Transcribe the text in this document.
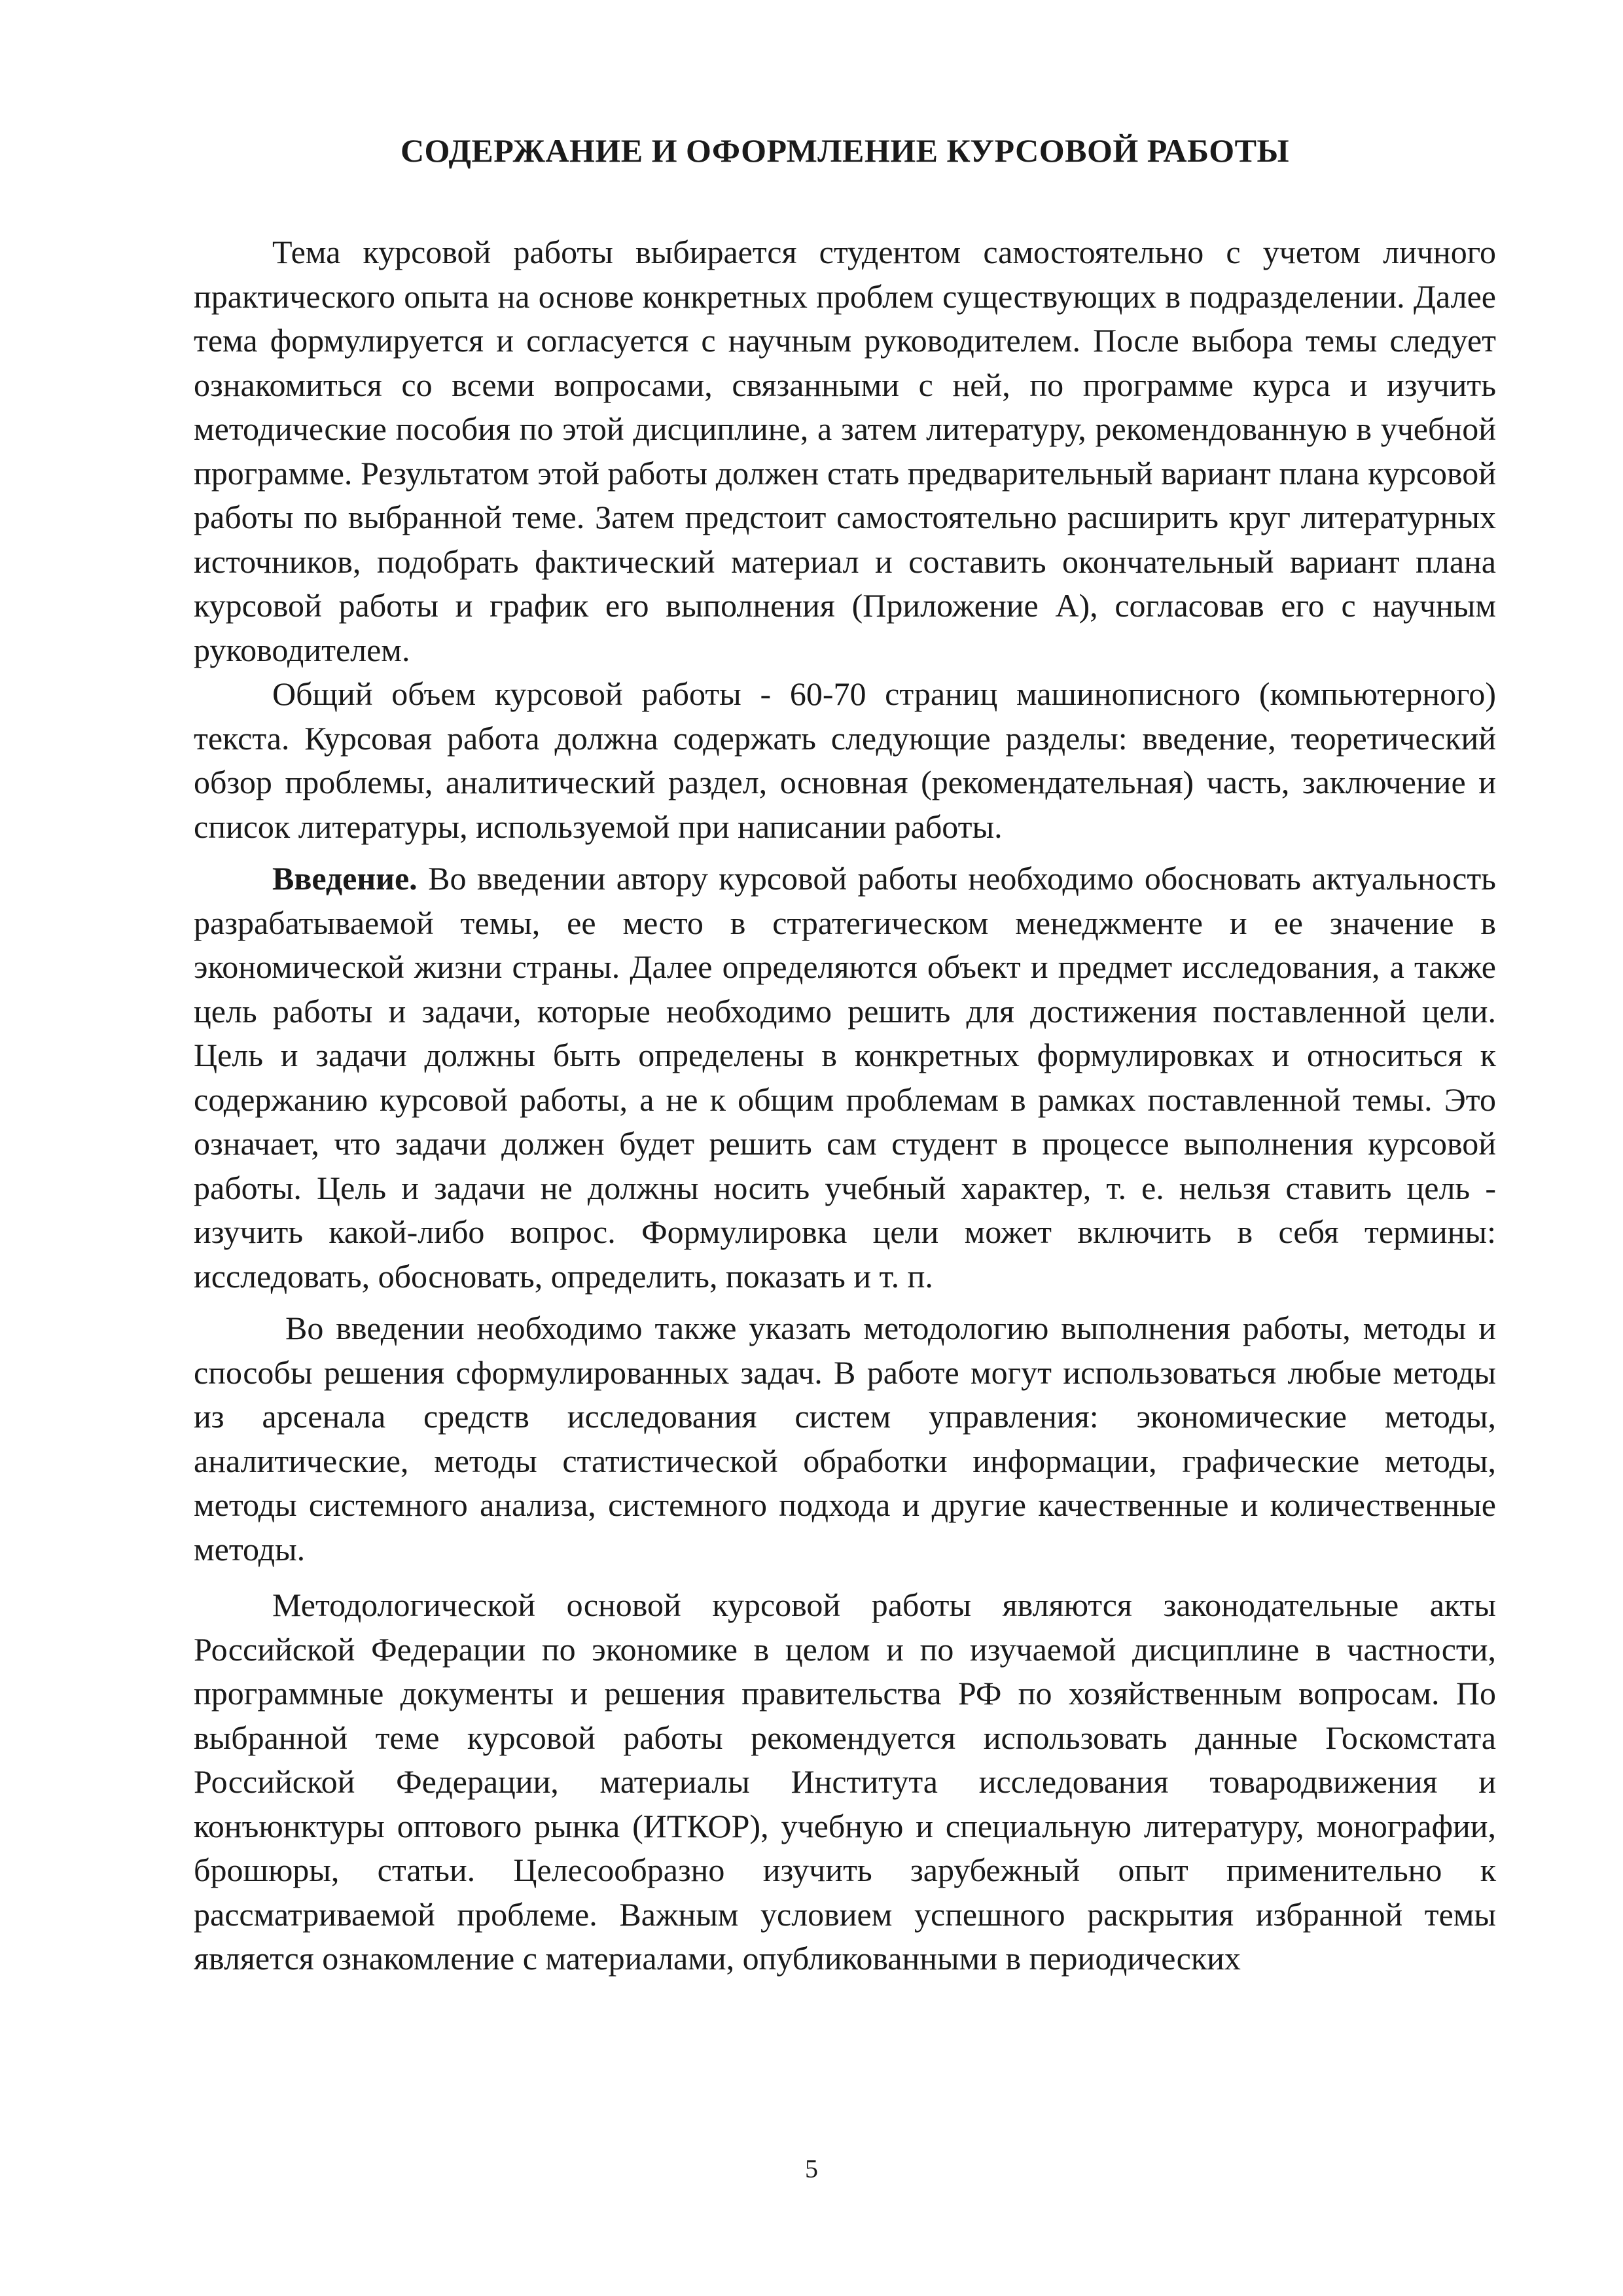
СОДЕРЖАНИЕ И ОФОРМЛЕНИЕ КУРСОВОЙ РАБОТЫ

Тема курсовой работы выбирается студентом самостоятельно с учетом личного практического опыта на основе конкретных проблем существующих в подразделении. Далее тема формулируется и согласуется с научным руководителем. После выбора темы следует ознакомиться со всеми вопросами, связанными с ней, по программе курса и изучить методические пособия по этой дисциплине, а затем литературу, рекомендованную в учебной программе. Результатом этой работы должен стать предварительный вариант плана курсовой работы по выбранной теме. Затем предстоит самостоятельно расширить круг литературных источников, подобрать фактический материал и составить окончательный вариант плана курсовой работы и график его выполнения (Приложение А), согласовав его с научным руководителем.

Общий объем курсовой работы - 60-70 страниц машинописного (компьютерного) текста. Курсовая работа должна содержать следующие разделы: введение, теоретический обзор проблемы, аналитический раздел, основная (рекомендательная) часть, заключение и список литературы, используемой при написании работы.

Введение. Во введении автору курсовой работы необходимо обосновать актуальность разрабатываемой темы, ее место в стратегическом менеджменте и ее значение в экономической жизни страны. Далее определяются объект и предмет исследования, а также цель работы и задачи, которые необходимо решить для достижения поставленной цели. Цель и задачи должны быть определены в конкретных формулировках и относиться к содержанию курсовой работы, а не к общим проблемам в рамках поставленной темы. Это означает, что задачи должен будет решить сам студент в процессе выполнения курсовой работы. Цель и задачи не должны носить учебный характер, т. е. нельзя ставить цель - изучить какой-либо вопрос. Формулировка цели может включить в себя термины: исследовать, обосновать, определить, показать и т. п.

Во введении необходимо также указать методологию выполнения работы, методы и способы решения сформулированных задач. В работе могут использоваться любые методы из арсенала средств исследования систем управления: экономические методы, аналитические, методы статистической обработки информации, графические методы, методы системного анализа, системного подхода и другие качественные и количественные методы.

Методологической основой курсовой работы являются законодательные акты Российской Федерации по экономике в целом и по изучаемой дисциплине в частности, программные документы и решения правительства РФ по хозяйственным вопросам. По выбранной теме курсовой работы рекомендуется использовать данные Госкомстата Российской Федерации, материалы Института исследования товародвижения и конъюнктуры оптового рынка (ИТКОР), учебную и специальную литературу, монографии, брошюры, статьи. Целесообразно изучить зарубежный опыт применительно к рассматриваемой проблеме. Важным условием успешного раскрытия избранной темы является ознакомление с материалами, опубликованными в периодических

5
